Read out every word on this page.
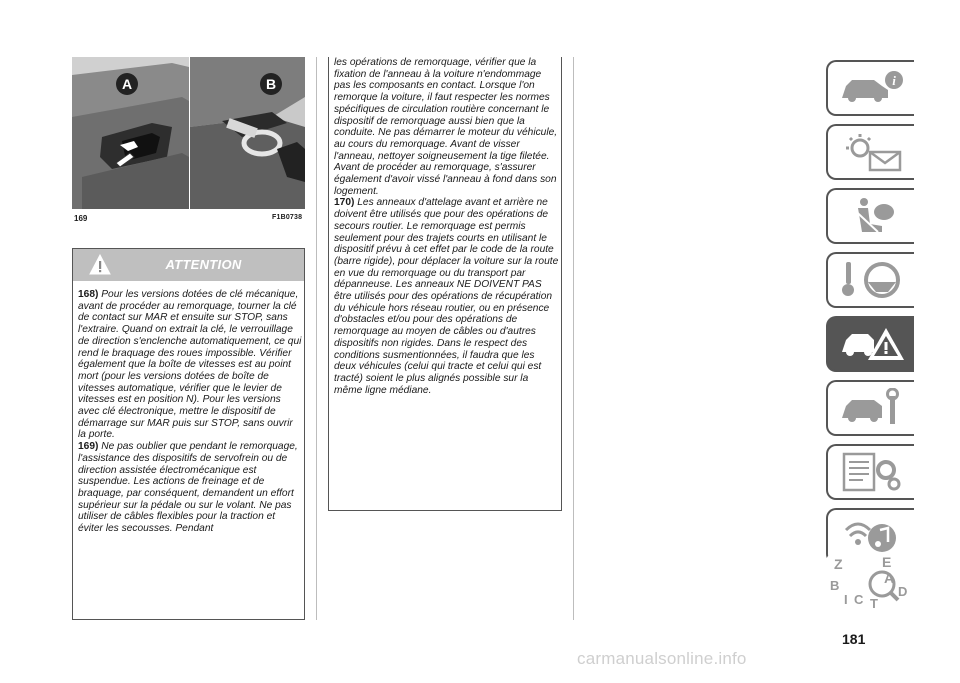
A	B
169	F1B0738
ATTENTION

168) Pour les versions dotées de clé mécanique, avant de procéder au remorquage, tourner la clé de contact sur MAR et ensuite sur STOP, sans l'extraire. Quand on extrait la clé, le verrouillage de direction s'enclenche automatiquement, ce qui rend le braquage des roues impossible. Vérifier également que la boîte de vitesses est au point mort (pour les versions dotées de boîte de vitesses automatique, vérifier que le levier de vitesses est en position N). Pour les versions avec clé électronique, mettre le dispositif de démarrage sur MAR puis sur STOP, sans ouvrir la porte.

169) Ne pas oublier que pendant le remorquage, l'assistance des dispositifs de servofrein ou de direction assistée électromécanique est suspendue. Les actions de freinage et de braquage, par conséquent, demandent un effort supérieur sur la pédale ou sur le volant. Ne pas utiliser de câbles flexibles pour la traction et éviter les secousses. Pendant

les opérations de remorquage, vérifier que la fixation de l'anneau à la voiture n'endommage pas les composants en contact. Lorsque l'on remorque la voiture, il faut respecter les normes spécifiques de circulation routière concernant le dispositif de remorquage aussi bien que la conduite. Ne pas démarrer le moteur du véhicule, au cours du remorquage. Avant de visser l'anneau, nettoyer soigneusement la tige filetée. Avant de procéder au remorquage, s'assurer également d'avoir vissé l'anneau à fond dans son logement.

170) Les anneaux d'attelage avant et arrière ne doivent être utilisés que pour des opérations de secours routier. Le remorquage est permis seulement pour des trajets courts en utilisant le dispositif prévu à cet effet par le code de la route (barre rigide), pour déplacer la voiture sur la route en vue du remorquage ou du transport par dépanneuse. Les anneaux NE DOIVENT PAS être utilisés pour des opérations de récupération du véhicule hors réseau routier, ou en présence d'obstacles et/ou pour des opérations de remorquage au moyen de câbles ou d'autres dispositifs non rigides. Dans le respect des conditions susmentionnées, il faudra que les deux véhicules (celui qui tracte et celui qui est tracté) soient le plus alignés possible sur la même ligne médiane.

i
Z	E
A
B	D
I C T
181
carmanualsonline.info
